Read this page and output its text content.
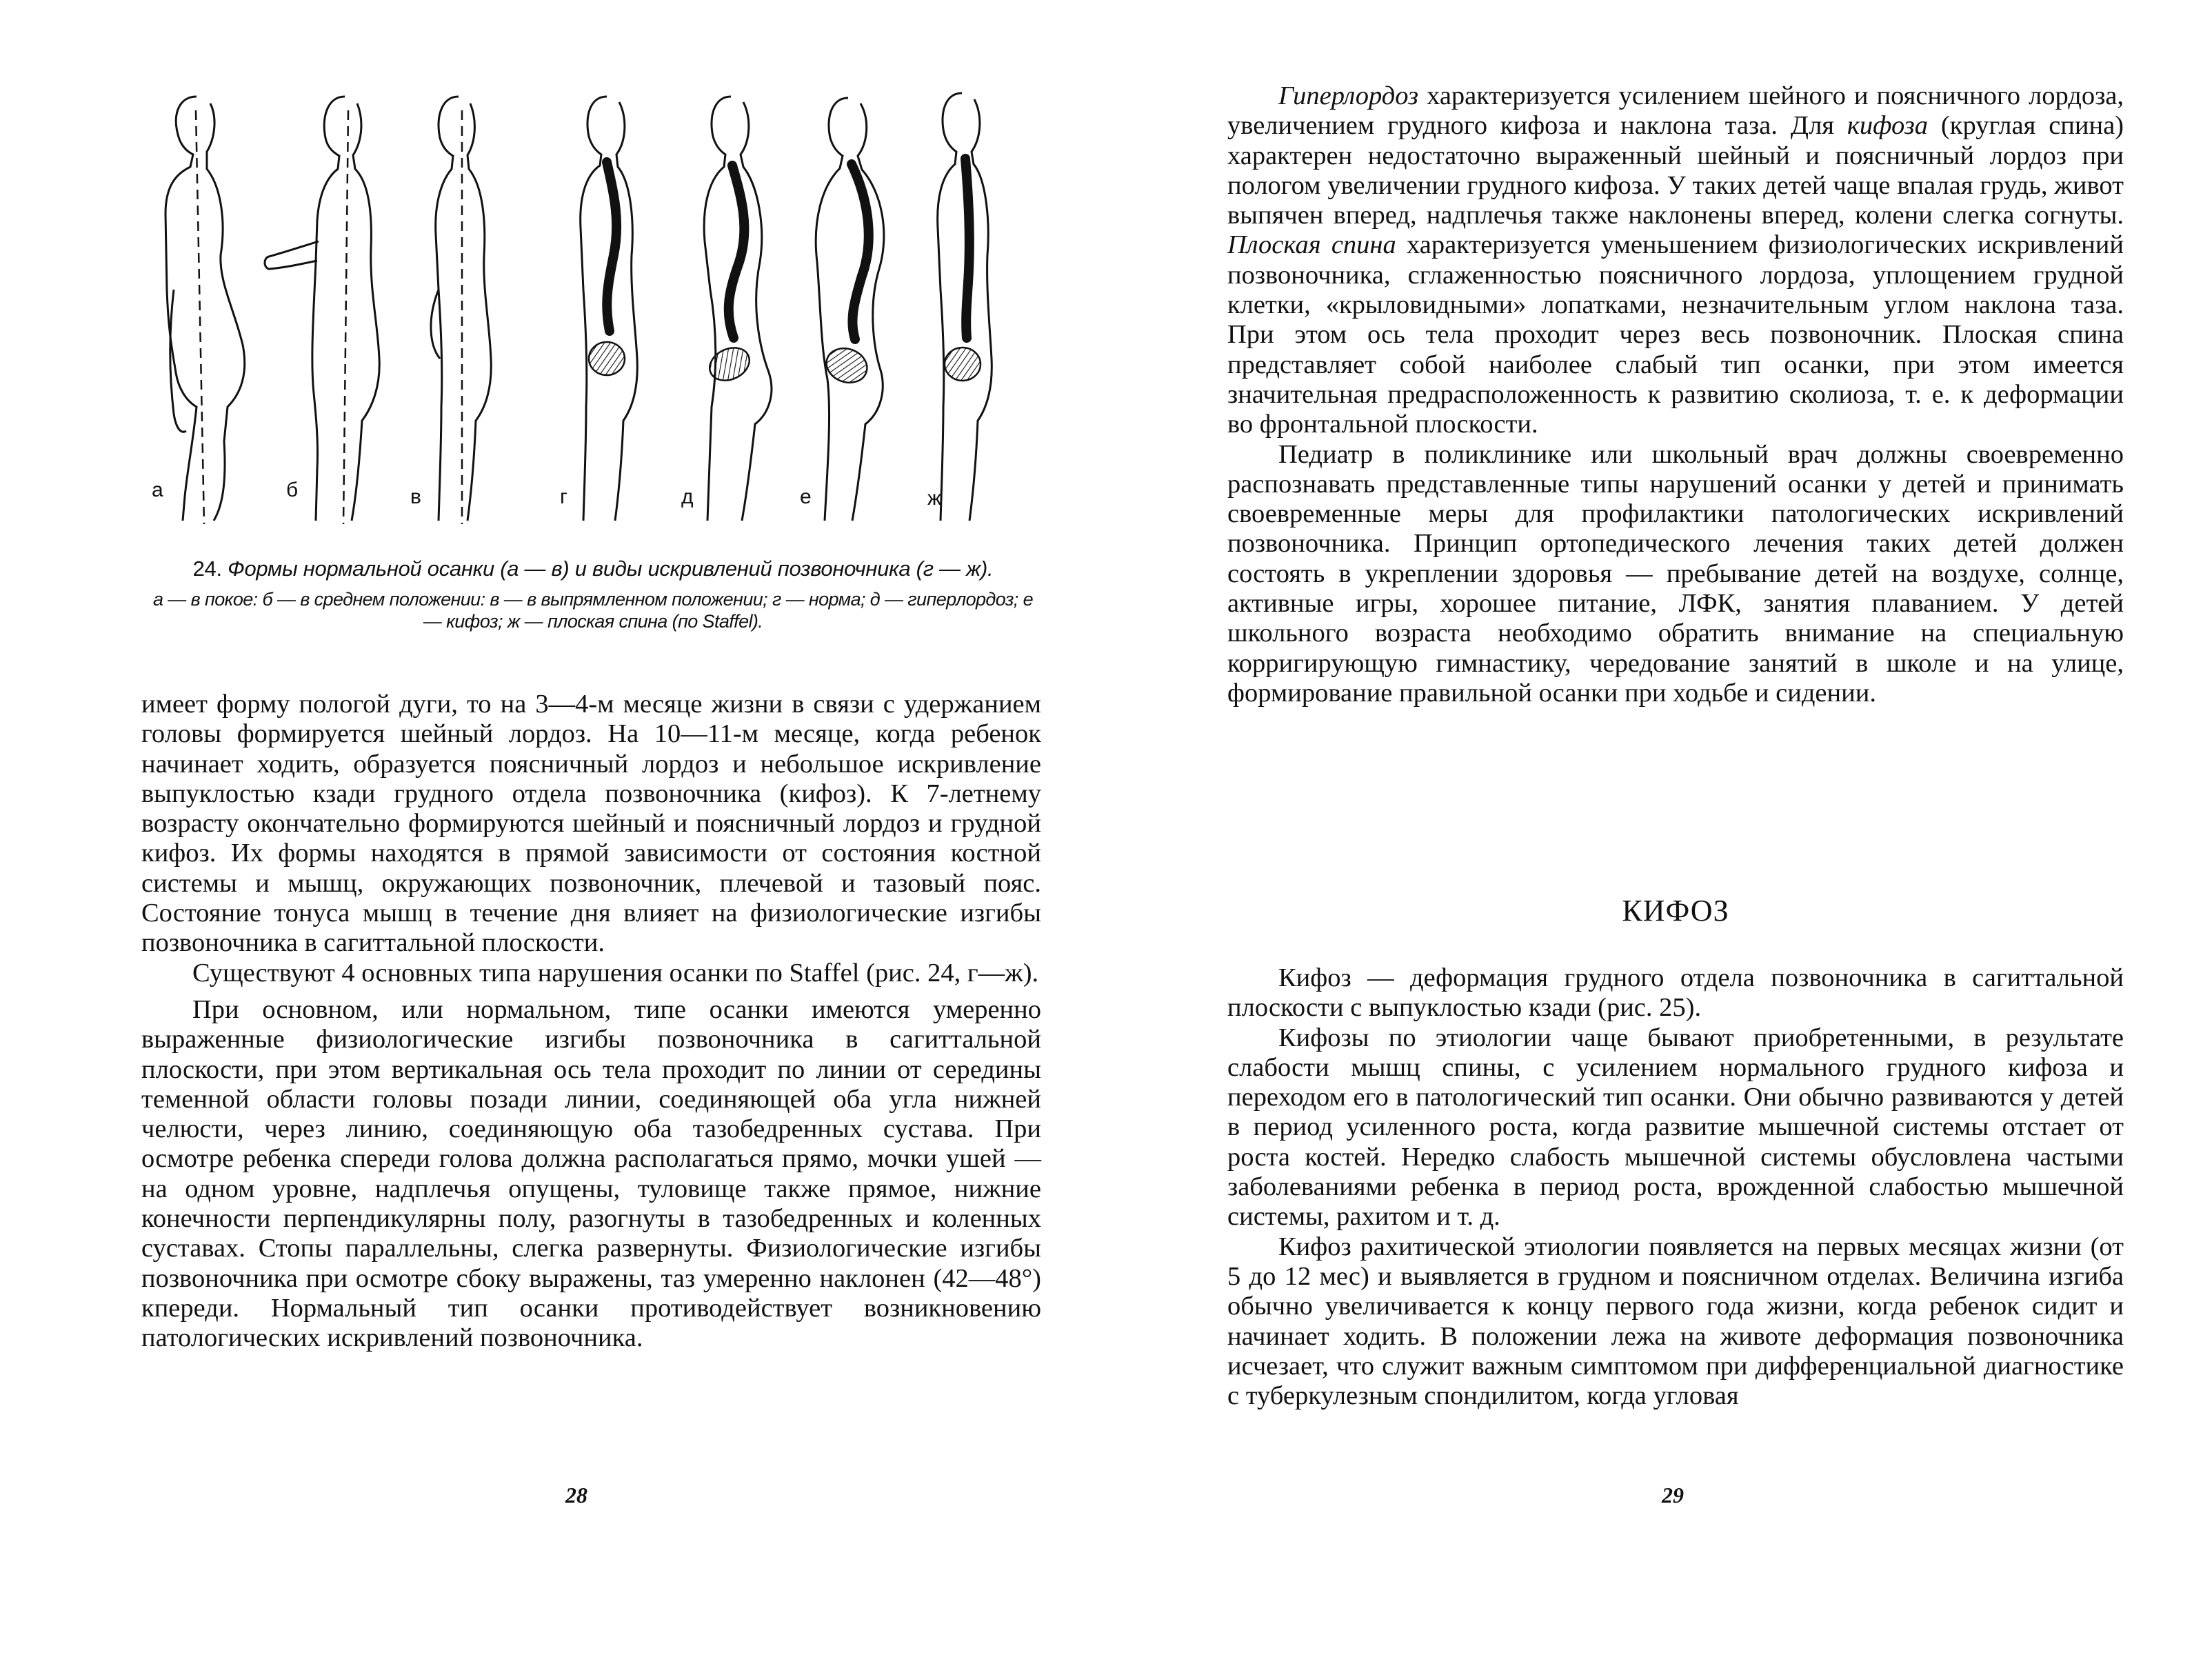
а	б	в	г	д	е	ж
24. Формы нормальной осанки (а — в) и виды искривлений позвоночника (г — ж).
а — в покое: б — в среднем положении: в — в выпрямленном положении; г — норма; д — гиперлордоз; е — кифоз; ж — плоская спина (по Staffel).

имеет форму пологой дуги, то на 3—4-м месяце жизни в связи с удержанием головы формируется шейный лордоз. На 10—11-м месяце, когда ребенок начинает ходить, образуется поясничный лордоз и небольшое искривление выпуклостью кзади грудного отдела позвоночника (кифоз). К 7-летнему возрасту окончательно формируются шейный и поясничный лордоз и грудной кифоз. Их формы находятся в прямой зависимости от состояния костной системы и мышц, окружающих позвоночник, плечевой и тазовый пояс. Состояние тонуса мышц в течение дня влияет на физиологические изгибы позвоночника в сагиттальной плоскости.

Существуют 4 основных типа нарушения осанки по Staffel (рис. 24, г—ж).

При основном, или нормальном, типе осанки имеются умеренно выраженные физиологические изгибы позвоночника в сагиттальной плоскости, при этом вертикальная ось тела проходит по линии от середины теменной области головы позади линии, соединяющей оба угла нижней челюсти, через линию, соединяющую оба тазобедренных сустава. При осмотре ребенка спереди голова должна располагаться прямо, мочки ушей — на одном уровне, надплечья опущены, туловище также прямое, нижние конечности перпендикулярны полу, разогнуты в тазобедренных и коленных суставах. Стопы параллельны, слегка развернуты. Физиологические изгибы позвоночника при осмотре сбоку выражены, таз умеренно наклонен (42—48°) кпереди. Нормальный тип осанки противодействует возникновению патологических искривлений позвоночника.

28

Гиперлордоз характеризуется усилением шейного и поясничного лордоза, увеличением грудного кифоза и наклона таза. Для кифоза (круглая спина) характерен недостаточно выраженный шейный и поясничный лордоз при пологом увеличении грудного кифоза. У таких детей чаще впалая грудь, живот выпячен вперед, надплечья также наклонены вперед, колени слегка согнуты. Плоская спина характеризуется уменьшением физиологических искривлений позвоночника, сглаженностью поясничного лордоза, уплощением грудной клетки, «крыловидными» лопатками, незначительным углом наклона таза. При этом ось тела проходит через весь позвоночник. Плоская спина представляет собой наиболее слабый тип осанки, при этом имеется значительная предрасположенность к развитию сколиоза, т. е. к деформации во фронтальной плоскости.

Педиатр в поликлинике или школьный врач должны своевременно распознавать представленные типы нарушений осанки у детей и принимать своевременные меры для профилактики патологических искривлений позвоночника. Принцип ортопедического лечения таких детей должен состоять в укреплении здоровья — пребывание детей на воздухе, солнце, активные игры, хорошее питание, ЛФК, занятия плаванием. У детей школьного возраста необходимо обратить внимание на специальную корригирующую гимнастику, чередование занятий в школе и на улице, формирование правильной осанки при ходьбе и сидении.

КИФОЗ

Кифоз — деформация грудного отдела позвоночника в сагиттальной плоскости с выпуклостью кзади (рис. 25).

Кифозы по этиологии чаще бывают приобретенными, в результате слабости мышц спины, с усилением нормального грудного кифоза и переходом его в патологический тип осанки. Они обычно развиваются у детей в период усиленного роста, когда развитие мышечной системы отстает от роста костей. Нередко слабость мышечной системы обусловлена частыми заболеваниями ребенка в период роста, врожденной слабостью мышечной системы, рахитом и т. д.

Кифоз рахитической этиологии появляется на первых месяцах жизни (от 5 до 12 мес) и выявляется в грудном и поясничном отделах. Величина изгиба обычно увеличивается к концу первого года жизни, когда ребенок сидит и начинает ходить. В положении лежа на животе деформация позвоночника исчезает, что служит важным симптомом при дифференциальной диагностике с туберкулезным спондилитом, когда угловая

29
